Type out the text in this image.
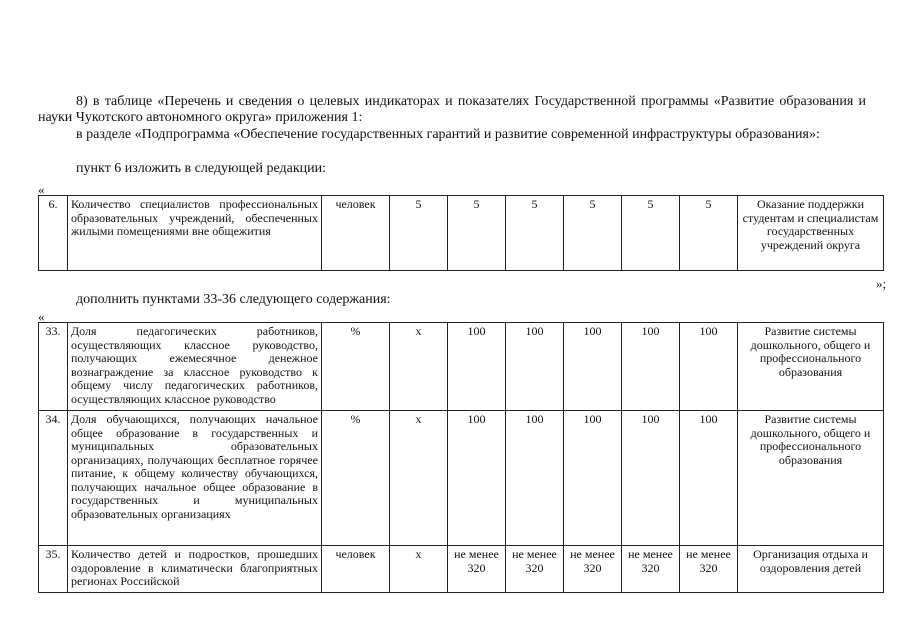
8) в таблице «Перечень и сведения о целевых индикаторах и показателях Государственной программы «Развитие образования и науки Чукотского автономного округа» приложения 1:
в разделе «Подпрограмма «Обеспечение государственных гарантий и развитие современной инфраструктуры образования»:
пункт 6 изложить в следующей редакции:
«
6.	Количество специалистов профессиональных образовательных учреждений, обеспеченных жилыми помещениями вне общежития	человек	5	5	5	5	5	5	Оказание поддержки студентам и специалистам государственных учреждений округа
»;
дополнить пунктами 33-36 следующего содержания:
«
33.	Доля педагогических работников, осуществляющих классное руководство, получающих ежемесячное денежное вознаграждение за классное руководство к общему числу педагогических работников, осуществляющих классное руководство	%	x	100	100	100	100	100	Развитие системы дошкольного, общего и профессионального образования
34.	Доля обучающихся, получающих начальное общее образование в государственных и муниципальных образовательных организациях, получающих бесплатное горячее питание, к общему количеству обучающихся, получающих начальное общее образование в государственных и муниципальных образовательных организациях	%	x	100	100	100	100	100	Развитие системы дошкольного, общего и профессионального образования
35.	Количество детей и подростков, прошедших оздоровление в климатически благоприятных регионах Российской	человек	x	не менее 320	не менее 320	не менее 320	не менее 320	не менее 320	Организация отдыха и оздоровления детей
